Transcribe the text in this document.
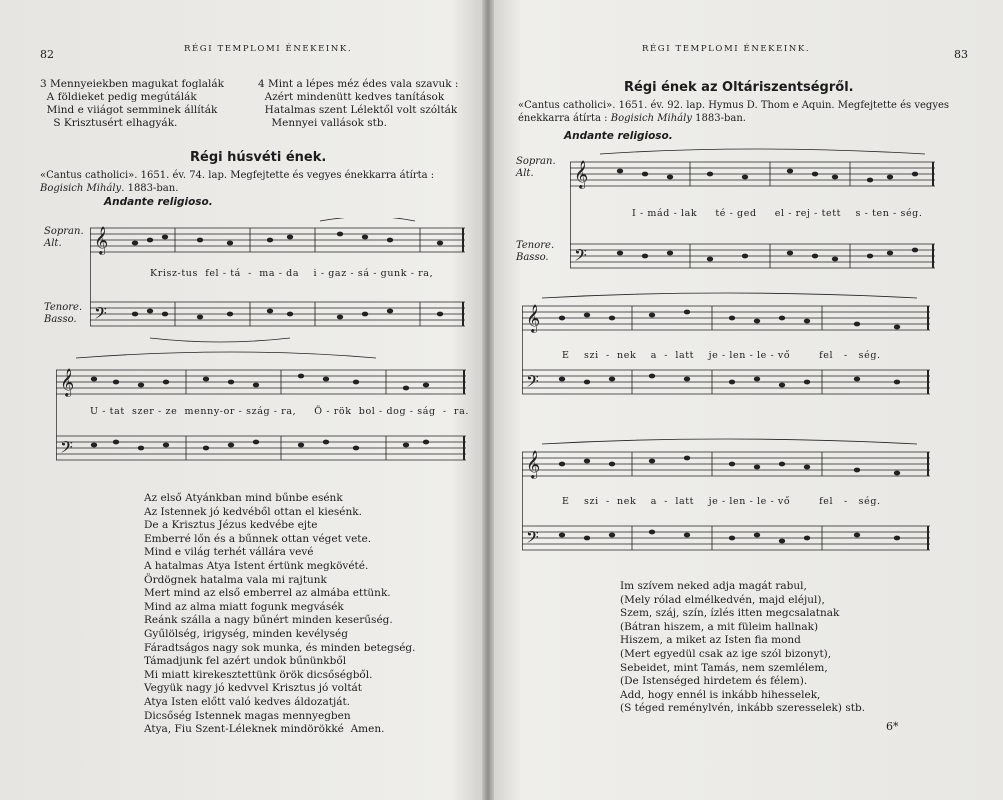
82	RÉGI TEMPLOMI ÉNEKEINK.
3 Mennyeiekben magukat foglalák
A földieket pedig megútálák
Mind e viiágot semminek állíták
S Krisztusért elhagyák.
4 Mint a lépes méz édes vala szavuk :
Azért mindenütt kedves tanítások
Hatalmas szent Lélektől volt szólták
Mennyei vallások stb.
Régi húsvéti ének.
«Cantus catholici». 1651. év. 74. lap. Megfejtette és vegyes énekkarra átírta : Bogisich Mihály. 1883-ban.
Andante religioso.
Sopran.
Alt.
Tenore.
Basso.
𝄞
𝄢
Krisz-tus  fel - tá  -  ma - da    i - gaz - sá - gunk - ra,
𝄞
𝄢
U - tat  szer - ze  menny-or - szág - ra,     Ö - rök  bol - dog - ság  -  ra.
Az első Atyánkban mind bűnbe esénk
Az Istennek jó kedvéből ottan el kiesénk.
De a Krisztus Jézus kedvébe ejte
Emberré lőn és a bűnnek ottan véget vete.
Mind e világ terhét vállára vevé
A hatalmas Atya Istent értünk megkövété.
Ördögnek hatalma vala mi rajtunk
Mert mind az első emberrel az almába ettünk.
Mind az alma miatt fogunk megvásék
Reánk szálla a nagy bűnért minden keserűség.
Gyűlölség, irigység, minden kevélység
Fáradtságos nagy sok munka, és minden betegség.
Támadjunk fel azért undok bűnünkből
Mi miatt kirekesztettünk örök dicsőségből.
Vegyük nagy jó kedvvel Krisztus jó voltát
Atya Isten előtt való kedves áldozatját.
Dicsőség Istennek magas mennyegben
Atya, Fiu Szent-Léleknek mindörökké  Amen.
RÉGI TEMPLOMI ÉNEKEINK.	83
Régi ének az Oltáriszentségről.
«Cantus catholici». 1651. év. 92. lap. Hymus D. Thom e Aquin. Megfejtette és vegyes énekkarra átírta : Bogisich Mihály 1883-ban.
Andante religioso.
Sopran.
Alt.
Tenore.
Basso.
𝄞
𝄢
I - mád - lak     té - ged     el - rej - tett    s - ten - ség.
𝄞
𝄢
E    szi  -  nek    a  -  latt    je - len - le - vő        fel   -   ség.
𝄞
𝄢
E    szi  -  nek    a  -  latt    je - len - le - vő        fel   -   ség.
Im szívem neked adja magát rabul,
(Mely rólad elmélkedvén, majd eléjul),
Szem, száj, szín, ízlés itten megcsalatnak
(Bátran hiszem, a mit füleim hallnak)
Hiszem, a miket az Isten fia mond
(Mert egyedül csak az ige szól bizonyt),
Sebeidet, mint Tamás, nem szemlélem,
(De Istenséged hirdetem és félem).
Add, hogy ennél is inkább hihesselek,
(S téged reménylvén, inkább szeresselek) stb.
6*
